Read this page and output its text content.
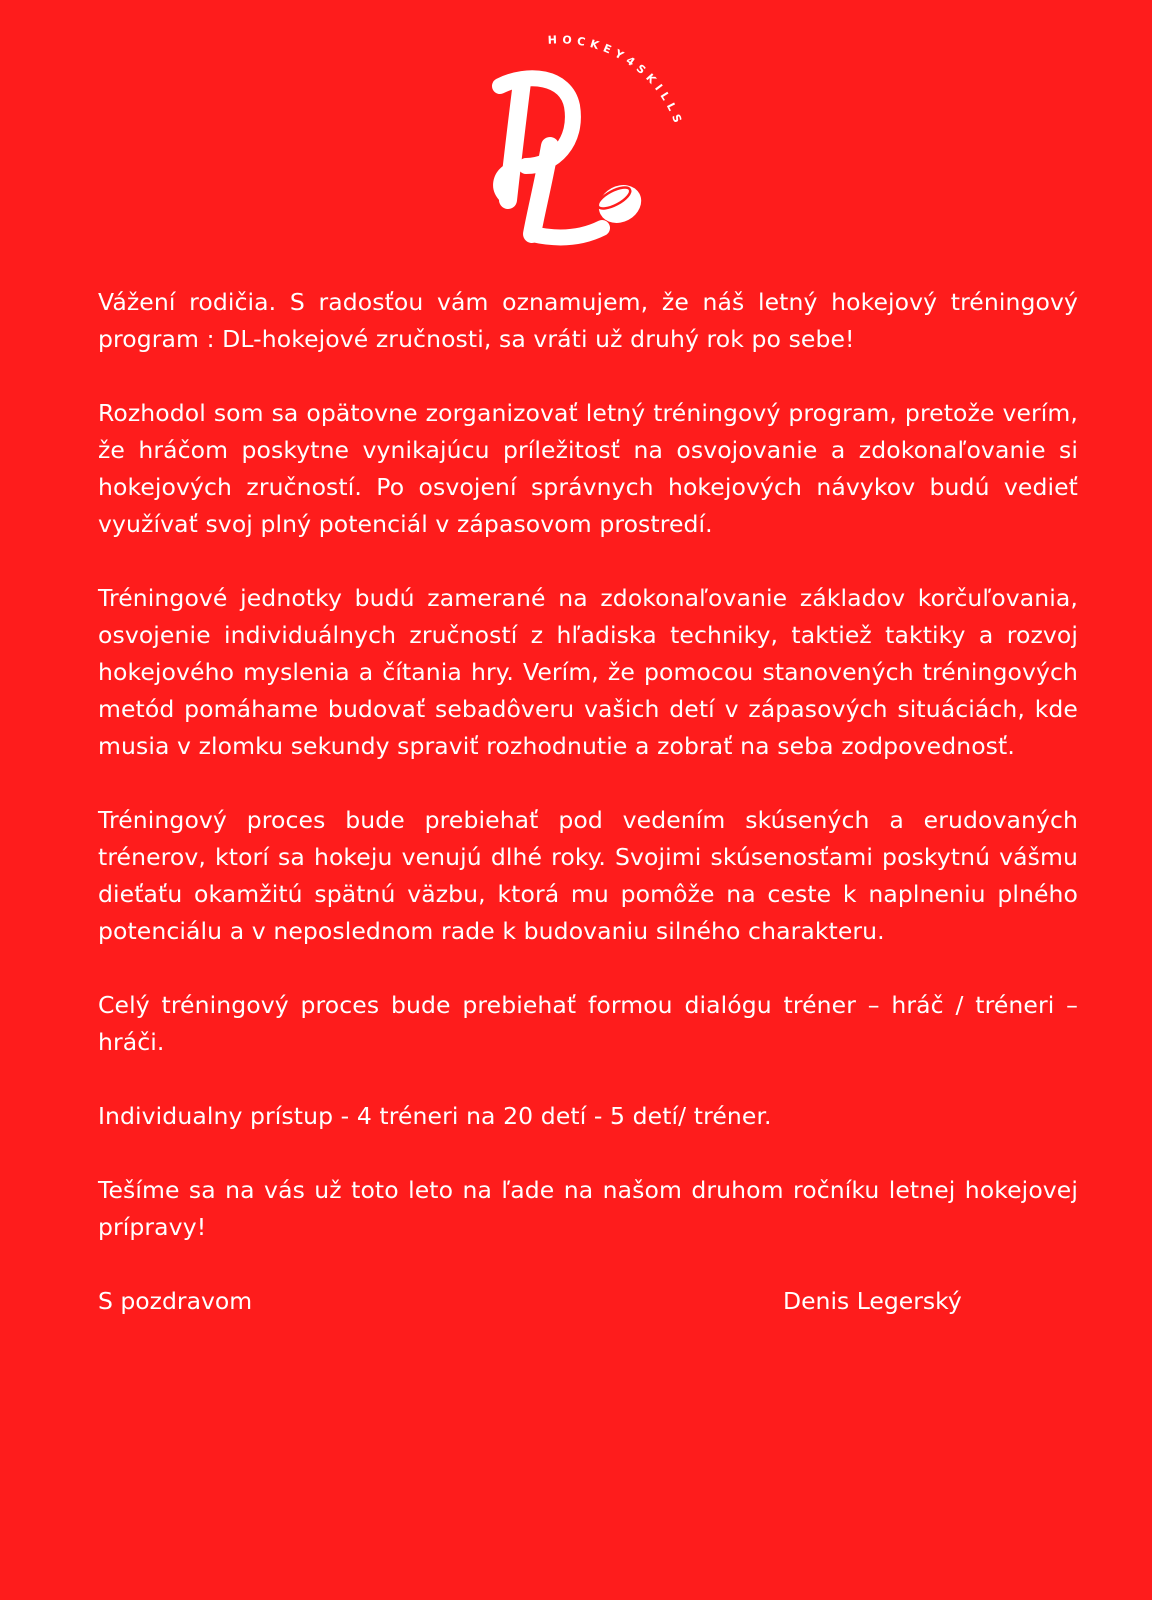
HOCKEY4SKILLS

Vážení rodičia. S radosťou vám oznamujem, že náš letný hokejový tréningový program : DL-hokejové zručnosti, sa vráti už druhý rok po sebe!

Rozhodol som sa opätovne zorganizovať letný tréningový program, pretože verím, že hráčom poskytne vynikajúcu príležitosť na osvojovanie a zdokonaľovanie si hokejových zručností. Po osvojení správnych hokejových návykov budú vedieť využívať svoj plný potenciál v zápasovom prostredí.

Tréningové jednotky budú zamerané na zdokonaľovanie základov korčuľovania, osvojenie individuálnych zručností z hľadiska techniky, taktiež taktiky a rozvoj hokejového myslenia a čítania hry. Verím, že pomocou stanovených tréningových metód pomáhame budovať sebadôveru vašich detí v zápasových situáciách, kde musia v zlomku sekundy spraviť rozhodnutie a zobrať na seba zodpovednosť.

Tréningový proces bude prebiehať pod vedením skúsených a erudovaných trénerov, ktorí sa hokeju venujú dlhé roky. Svojimi skúsenosťami poskytnú vášmu dieťaťu okamžitú spätnú väzbu, ktorá mu pomôže na ceste k naplneniu plného potenciálu a v neposlednom rade k budovaniu silného charakteru.

Celý tréningový proces bude prebiehať formou dialógu tréner – hráč / tréneri – hráči.

Individualny prístup - 4 tréneri na 20 detí - 5 detí/ tréner.

Tešíme sa na vás už toto leto na ľade na našom druhom ročníku letnej hokejovej prípravy!

S pozdravom	Denis Legerský
